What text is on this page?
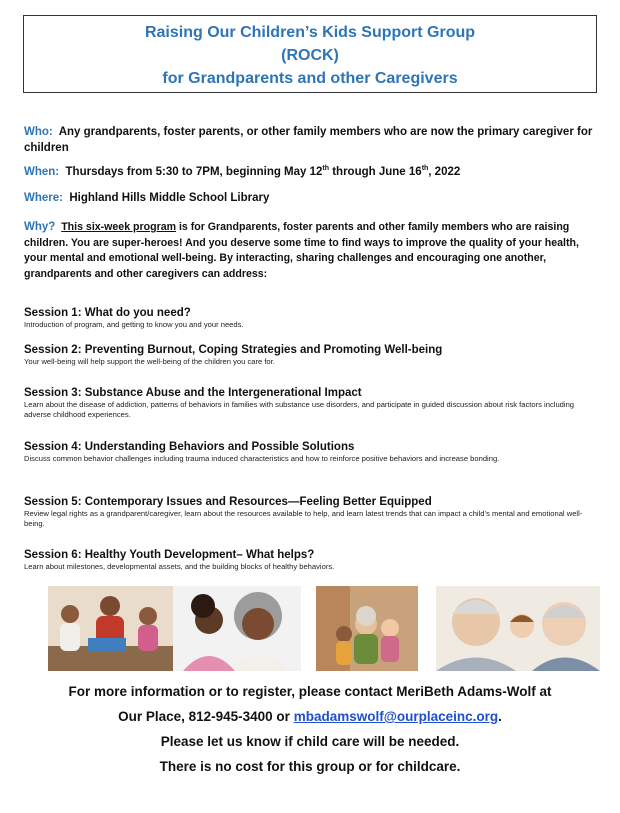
Raising Our Children’s Kids Support Group
(ROCK)
for Grandparents and other Caregivers
Who: Any grandparents, foster parents, or other family members who are now the primary caregiver for children
When: Thursdays from 5:30 to 7PM, beginning May 12th through June 16th, 2022
Where: Highland Hills Middle School Library
Why? This six-week program is for Grandparents, foster parents and other family members who are raising children. You are super-heroes! And you deserve some time to find ways to improve the quality of your health, your mental and emotional well-being. By interacting, sharing challenges and encouraging one another, grandparents and other caregivers can address:
Session 1: What do you need?
Introduction of program, and getting to know you and your needs.
Session 2: Preventing Burnout, Coping Strategies and Promoting Well-being
Your well-being will help support the well-being of the children you care for.
Session 3: Substance Abuse and the Intergenerational Impact
Learn about the disease of addiction, patterns of behaviors in families with substance use disorders, and participate in guided discussion about risk factors including adverse childhood experiences.
Session 4: Understanding Behaviors and Possible Solutions
Discuss common behavior challenges including trauma induced characteristics and how to reinforce positive behaviors and increase bonding.
Session 5: Contemporary Issues and Resources—Feeling Better Equipped
Review legal rights as a grandparent/caregiver, learn about the resources available to help, and learn latest trends that can impact a child’s mental and emotional well-being.
Session 6: Healthy Youth Development– What helps?
Learn about milestones, developmental assets, and the building blocks of healthy behaviors.
For more information or to register, please contact MeriBeth Adams-Wolf at
Our Place, 812-945-3400 or mbadamswolf@ourplaceinc.org.
Please let us know if child care will be needed.
There is no cost for this group or for childcare.
